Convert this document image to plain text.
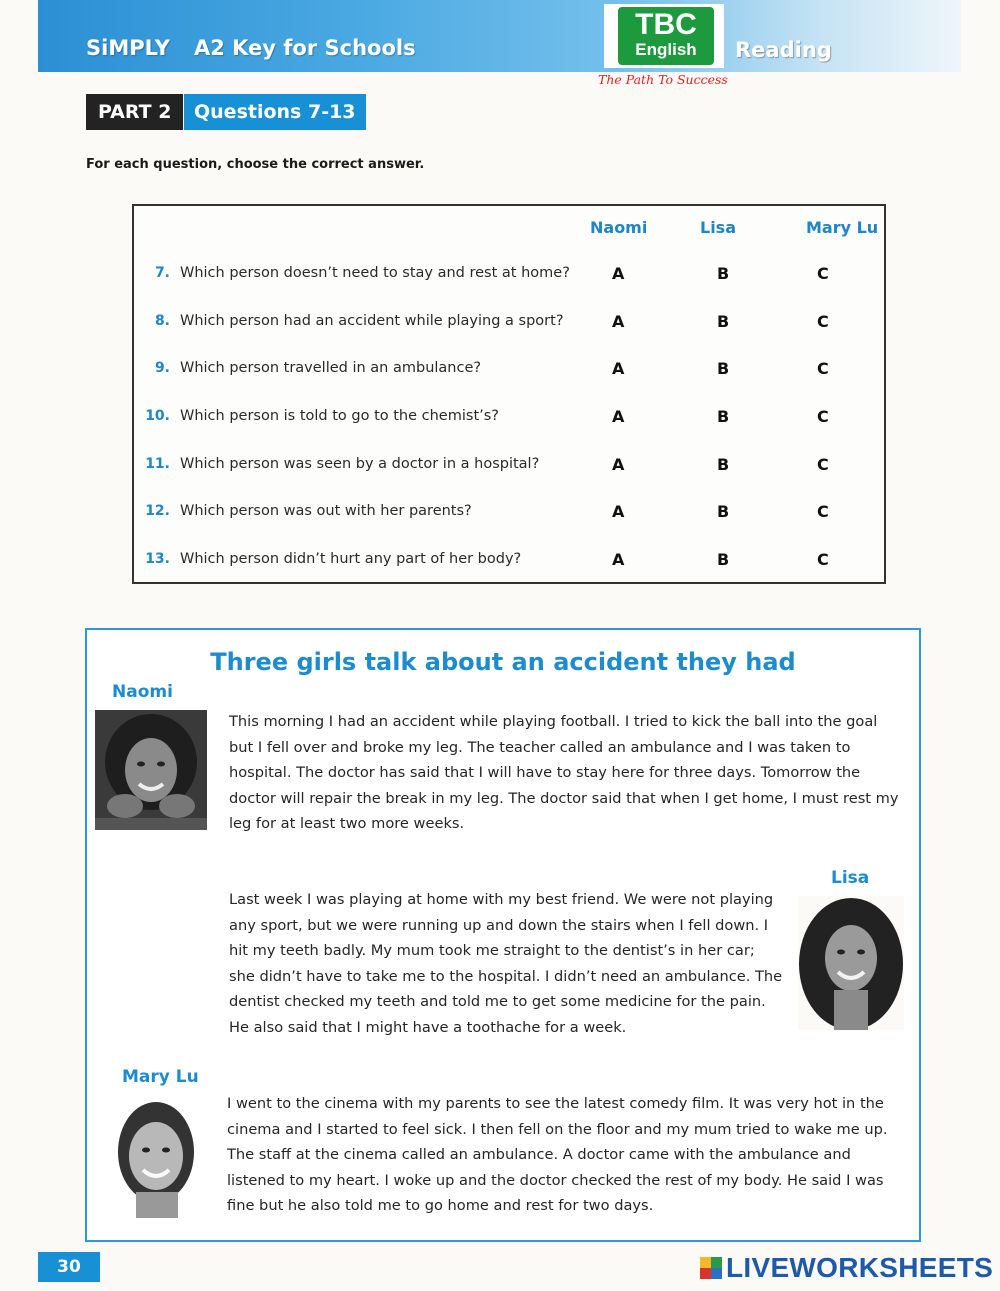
SiMPLY A2 Key for Schools
TBC
English
The Path To Success
Reading
PART 2	Questions 7-13
For each question, choose the correct answer.
Naomi	Lisa	Mary Lu
7. Which person doesn’t need to stay and rest at home?	A	B	C
8. Which person had an accident while playing a sport?	A	B	C
9. Which person travelled in an ambulance?	A	B	C
10. Which person is told to go to the chemist’s?	A	B	C
11. Which person was seen by a doctor in a hospital?	A	B	C
12. Which person was out with her parents?	A	B	C
13. Which person didn’t hurt any part of her body?	A	B	C
Three girls talk about an accident they had
Naomi
This morning I had an accident while playing football. I tried to kick the ball into the goal but I fell over and broke my leg. The teacher called an ambulance and I was taken to hospital. The doctor has said that I will have to stay here for three days. Tomorrow the doctor will repair the break in my leg. The doctor said that when I get home, I must rest my leg for at least two more weeks.
Lisa
Last week I was playing at home with my best friend. We were not playing any sport, but we were running up and down the stairs when I fell down. I hit my teeth badly. My mum took me straight to the dentist’s in her car; she didn’t have to take me to the hospital. I didn’t need an ambulance. The dentist checked my teeth and told me to get some medicine for the pain. He also said that I might have a toothache for a week.
Mary Lu
I went to the cinema with my parents to see the latest comedy film. It was very hot in the cinema and I started to feel sick. I then fell on the floor and my mum tried to wake me up. The staff at the cinema called an ambulance. A doctor came with the ambulance and listened to my heart. I woke up and the doctor checked the rest of my body. He said I was fine but he also told me to go home and rest for two days.
30	LIVEWORKSHEETS
